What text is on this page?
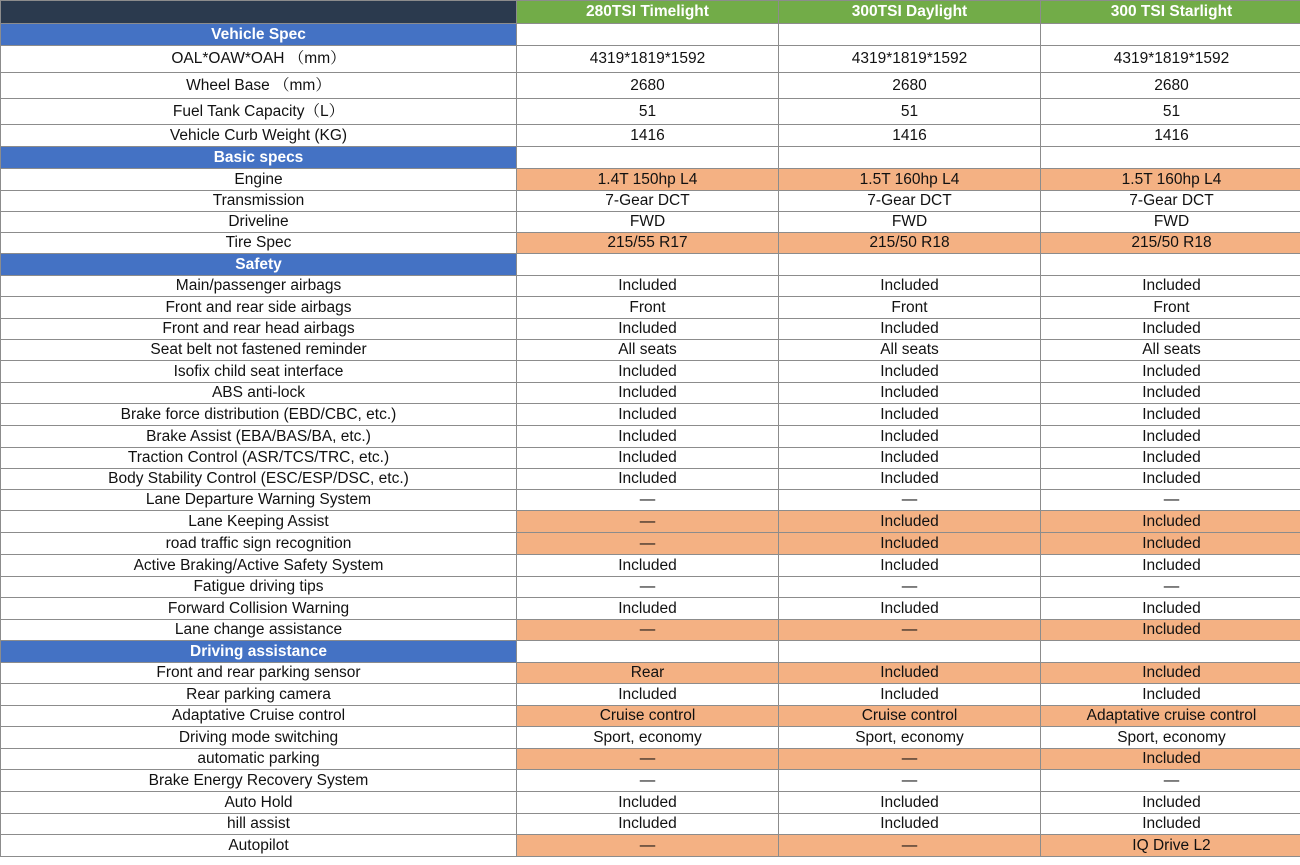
	280TSI Timelight	300TSI Daylight	300 TSI Starlight
Vehicle Spec			
OAL*OAW*OAH （mm）	4319*1819*1592	4319*1819*1592	4319*1819*1592
Wheel Base （mm）	2680	2680	2680
Fuel Tank Capacity（L）	51	51	51
Vehicle Curb Weight (KG)	1416	1416	1416
Basic specs			
Engine	1.4T 150hp L4	1.5T 160hp L4	1.5T 160hp L4
Transmission	7-Gear DCT	7-Gear DCT	7-Gear DCT
Driveline	FWD	FWD	FWD
Tire Spec	215/55 R17	215/50 R18	215/50 R18
Safety			
Main/passenger airbags	Included	Included	Included
Front and rear side airbags	Front	Front	Front
Front and rear head airbags	Included	Included	Included
Seat belt not fastened reminder	All seats	All seats	All seats
Isofix child seat interface	Included	Included	Included
ABS anti-lock	Included	Included	Included
Brake force distribution (EBD/CBC, etc.)	Included	Included	Included
Brake Assist (EBA/BAS/BA, etc.)	Included	Included	Included
Traction Control (ASR/TCS/TRC, etc.)	Included	Included	Included
Body Stability Control (ESC/ESP/DSC, etc.)	Included	Included	Included
Lane Departure Warning System	—	—	—
Lane Keeping Assist	—	Included	Included
road traffic sign recognition	—	Included	Included
Active Braking/Active Safety System	Included	Included	Included
Fatigue driving tips	—	—	—
Forward Collision Warning	Included	Included	Included
Lane change assistance	—	—	Included
Driving assistance			
Front and rear parking sensor	Rear	Included	Included
Rear parking camera	Included	Included	Included
Adaptative Cruise control	Cruise control	Cruise control	Adaptative cruise control
Driving mode switching	Sport, economy	Sport, economy	Sport, economy
automatic parking	—	—	Included
Brake Energy Recovery System	—	—	—
Auto Hold	Included	Included	Included
hill assist	Included	Included	Included
Autopilot	—	—	IQ Drive L2
